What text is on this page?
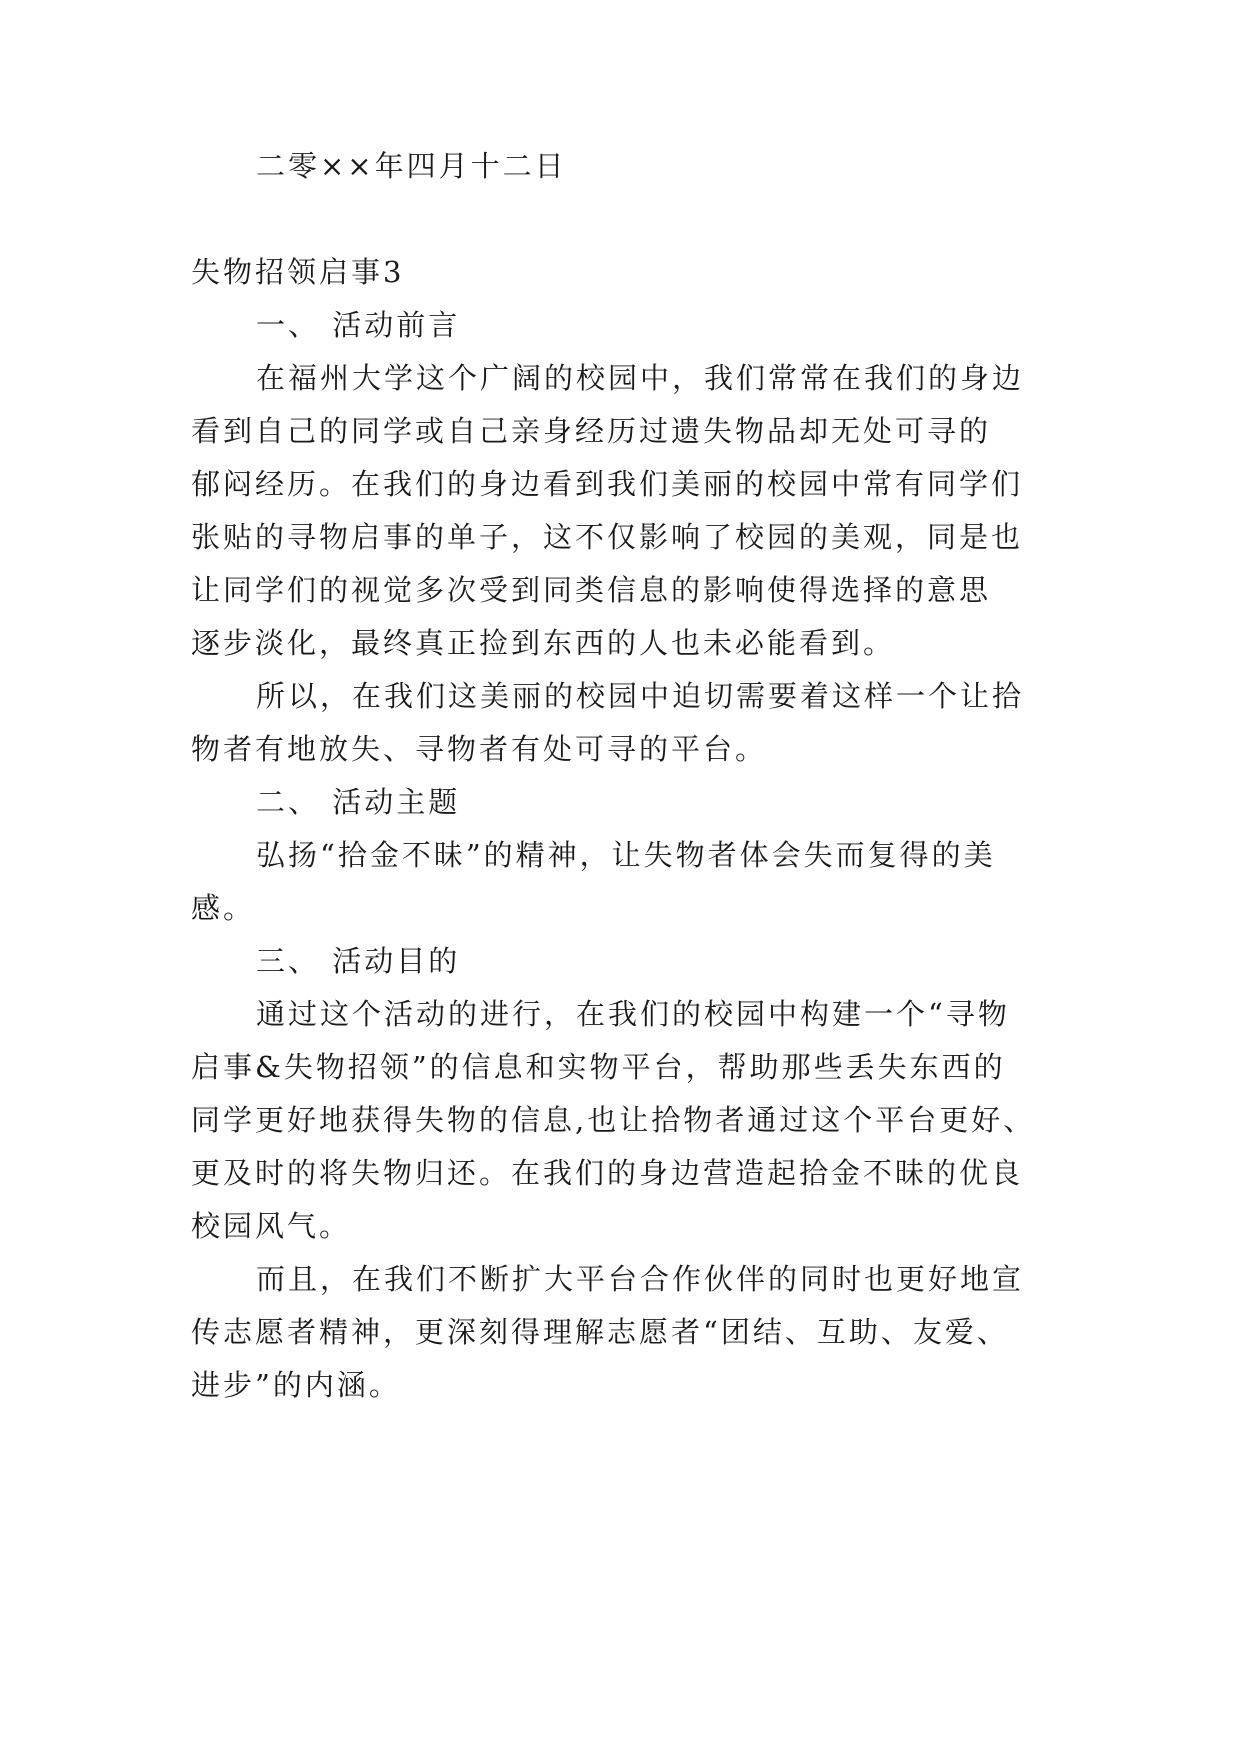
二零××年四月十二日
失物招领启事3
一、 活动前言
在福州大学这个广阔的校园中，我们常常在我们的身边
看到自己的同学或自己亲身经历过遗失物品却无处可寻的
郁闷经历。在我们的身边看到我们美丽的校园中常有同学们
张贴的寻物启事的单子，这不仅影响了校园的美观，同是也
让同学们的视觉多次受到同类信息的影响使得选择的意思
逐步淡化，最终真正捡到东西的人也未必能看到。
所以，在我们这美丽的校园中迫切需要着这样一个让拾
物者有地放失、寻物者有处可寻的平台。
二、 活动主题
弘扬“拾金不昧”的精神，让失物者体会失而复得的美
感。
三、 活动目的
通过这个活动的进行，在我们的校园中构建一个“寻物
启事&失物招领”的信息和实物平台，帮助那些丢失东西的
同学更好地获得失物的信息,也让拾物者通过这个平台更好、
更及时的将失物归还。在我们的身边营造起拾金不昧的优良
校园风气。
而且，在我们不断扩大平台合作伙伴的同时也更好地宣
传志愿者精神，更深刻得理解志愿者“团结、互助、友爱、
进步”的内涵。
